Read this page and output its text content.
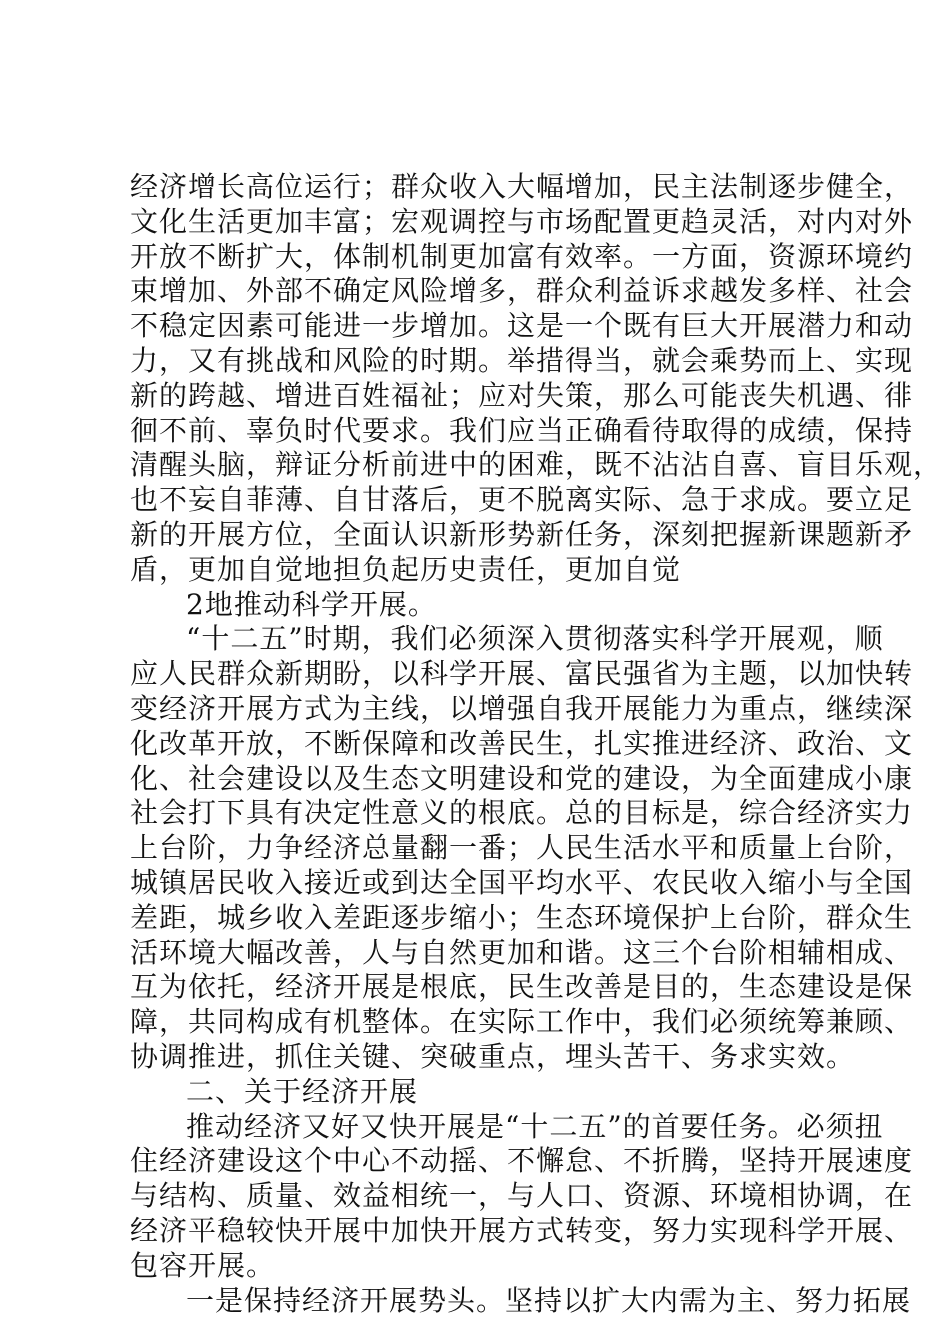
经济增长高位运行；群众收入大幅增加，民主法制逐步健全，
文化生活更加丰富；宏观调控与市场配置更趋灵活，对内对外
开放不断扩大，体制机制更加富有效率。一方面，资源环境约
束增加、外部不确定风险增多，群众利益诉求越发多样、社会
不稳定因素可能进一步增加。这是一个既有巨大开展潜力和动
力，又有挑战和风险的时期。举措得当，就会乘势而上、实现
新的跨越、增进百姓福祉；应对失策，那么可能丧失机遇、徘
徊不前、辜负时代要求。我们应当正确看待取得的成绩，保持
清醒头脑，辩证分析前进中的困难，既不沾沾自喜、盲目乐观，
也不妄自菲薄、自甘落后，更不脱离实际、急于求成。要立足
新的开展方位，全面认识新形势新任务，深刻把握新课题新矛
盾，更加自觉地担负起历史责任，更加自觉
2地推动科学开展。
“十二五”时期，我们必须深入贯彻落实科学开展观，顺
应人民群众新期盼，以科学开展、富民强省为主题，以加快转
变经济开展方式为主线，以增强自我开展能力为重点，继续深
化改革开放，不断保障和改善民生，扎实推进经济、政治、文
化、社会建设以及生态文明建设和党的建设，为全面建成小康
社会打下具有决定性意义的根底。总的目标是，综合经济实力
上台阶，力争经济总量翻一番；人民生活水平和质量上台阶，
城镇居民收入接近或到达全国平均水平、农民收入缩小与全国
差距，城乡收入差距逐步缩小；生态环境保护上台阶，群众生
活环境大幅改善，人与自然更加和谐。这三个台阶相辅相成、
互为依托，经济开展是根底，民生改善是目的，生态建设是保
障，共同构成有机整体。在实际工作中，我们必须统筹兼顾、
协调推进，抓住关键、突破重点，埋头苦干、务求实效。
二、关于经济开展
推动经济又好又快开展是“十二五”的首要任务。必须扭
住经济建设这个中心不动摇、不懈怠、不折腾，坚持开展速度
与结构、质量、效益相统一，与人口、资源、环境相协调，在
经济平稳较快开展中加快开展方式转变，努力实现科学开展、
包容开展。
一是保持经济开展势头。坚持以扩大内需为主、努力拓展
